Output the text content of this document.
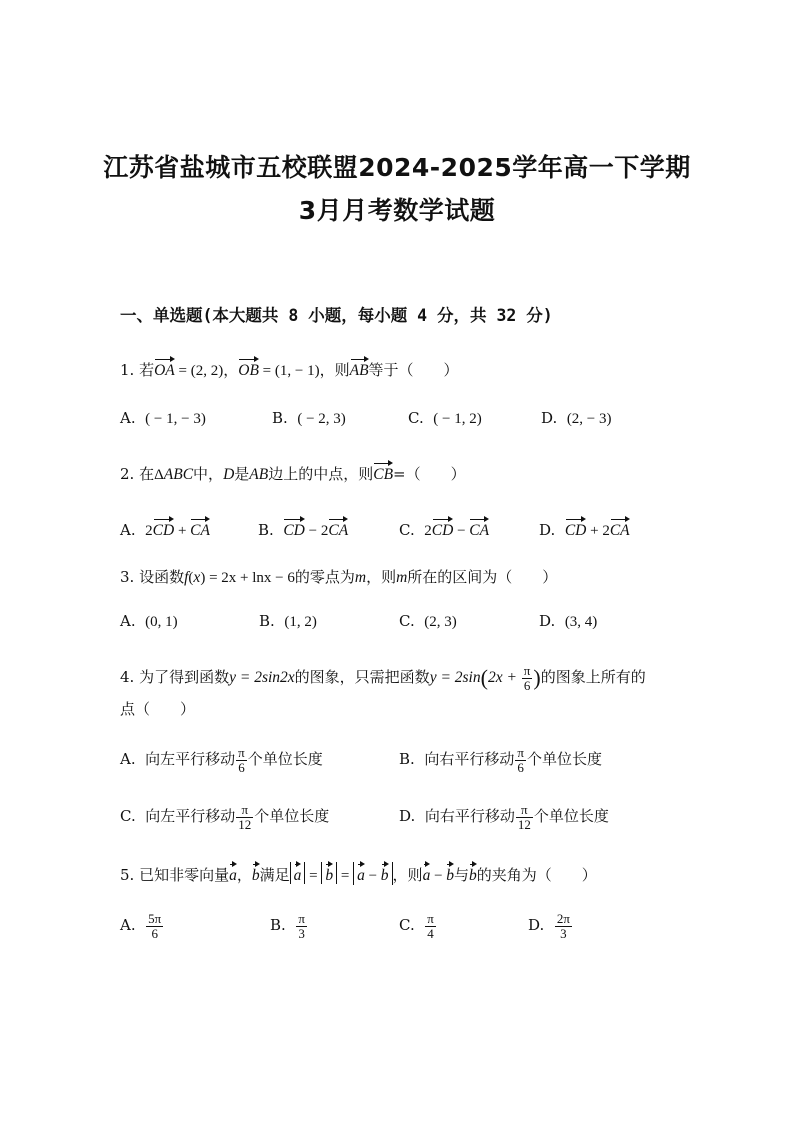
江苏省盐城市五校联盟2024-2025学年高一下学期
3月月考数学试题
一、单选题(本大题共 8 小题，每小题 4 分，共 32 分)
1. 若OA = (2, 2)，OB = (1, − 1)，则AB等于（　　）
A. ( − 1, − 3)	B. ( − 2, 3)	C. ( − 1, 2)	D. (2, − 3)
2. 在ΔABC中，D是AB边上的中点，则CB=（　　）
A. 2CD + CA	B. CD − 2CA	C. 2CD − CA	D. CD + 2CA
3. 设函数f(x) = 2x + lnx − 6的零点为m，则m所在的区间为（　　）
A. (0, 1)	B. (1, 2)	C. (2, 3)	D. (3, 4)
4. 为了得到函数y = 2sin2x的图象，只需把函数$y = 2\sin(2x + \frac{\pi}{6}$ )的图象上所有的
点（　　）
A. 向左平行移动 $\frac{\pi}{6}$ 个单位长度	B. 向右平行移动 $\frac{\pi}{6}$ 个单位长度
C. 向左平行移动 $\frac{\pi}{12}$ 个单位长度	D. 向右平行移动 $\frac{\pi}{12}$ 个单位长度
5. 已知非零向量a，b满足 a = b = a − b ，则a − b与b的夹角为（　　）
A. $\frac{5\pi}{6}$	B. $\frac{\pi}{3}$	C. $\frac{\pi}{4}$	D. $\frac{2\pi}{3}$
